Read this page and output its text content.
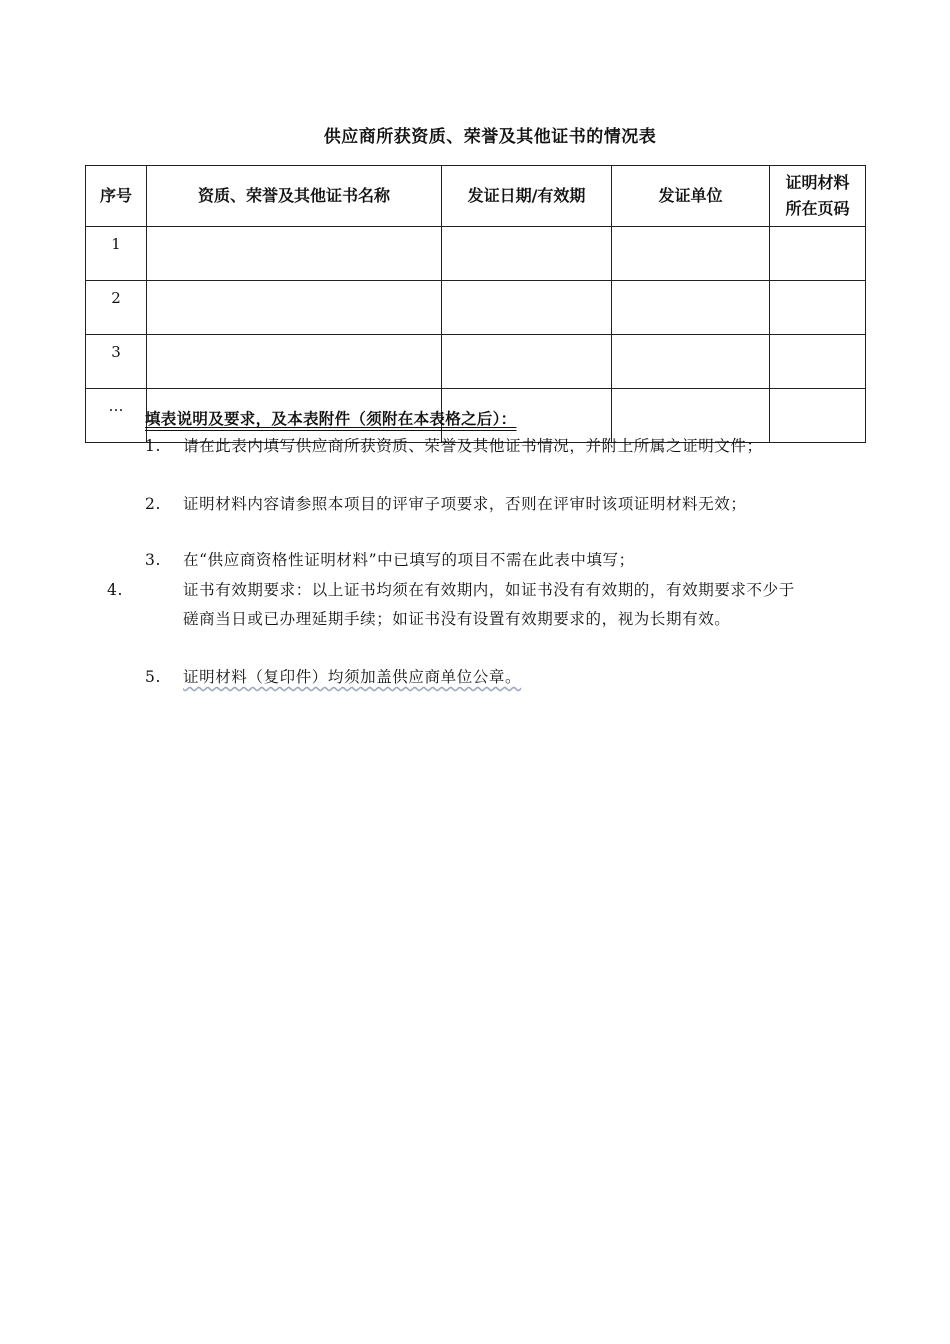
供应商所获资质、荣誉及其他证书的情况表
序号	资质、荣誉及其他证书名称	发证日期/有效期	发证单位	证明材料
所在页码
1				
2				
3				
…				
填表说明及要求，及本表附件（须附在本表格之后）：
1. 请在此表内填写供应商所获资质、荣誉及其他证书情况，并附上所属之证明文件；
2. 证明材料内容请参照本项目的评审子项要求，否则在评审时该项证明材料无效；
3. 在“供应商资格性证明材料”中已填写的项目不需在此表中填写；
4.	证书有效期要求：以上证书均须在有效期内，如证书没有有效期的，有效期要求不少于磋商当日或已办理延期手续；如证书没有设置有效期要求的，视为长期有效。
5. 证明材料（复印件）均须加盖供应商单位公章。
